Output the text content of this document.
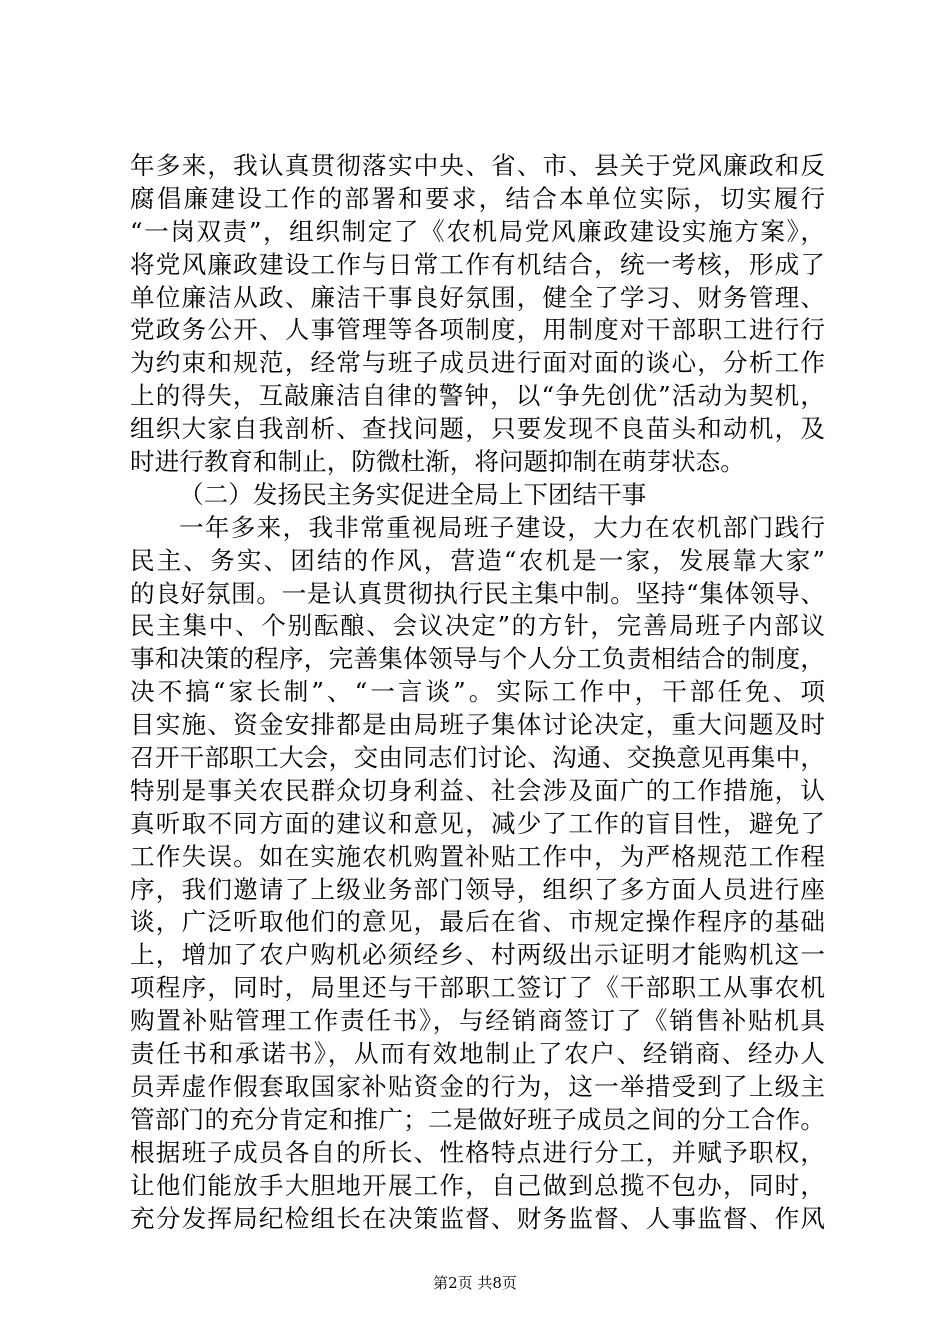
年多来，我认真贯彻落实中央、省、市、县关于党风廉政和反
腐倡廉建设工作的部署和要求，结合本单位实际，切实履行
“一岗双责”，组织制定了《农机局党风廉政建设实施方案》，
将党风廉政建设工作与日常工作有机结合，统一考核，形成了
单位廉洁从政、廉洁干事良好氛围，健全了学习、财务管理、
党政务公开、人事管理等各项制度，用制度对干部职工进行行
为约束和规范，经常与班子成员进行面对面的谈心，分析工作
上的得失，互敲廉洁自律的警钟，以“争先创优”活动为契机，
组织大家自我剖析、查找问题，只要发现不良苗头和动机，及
时进行教育和制止，防微杜渐，将问题抑制在萌芽状态。
（二）发扬民主务实促进全局上下团结干事
一年多来，我非常重视局班子建设，大力在农机部门践行
民主、务实、团结的作风，营造“农机是一家，发展靠大家”
的良好氛围。一是认真贯彻执行民主集中制。坚持“集体领导、
民主集中、个别酝酿、会议决定”的方针，完善局班子内部议
事和决策的程序，完善集体领导与个人分工负责相结合的制度，
决不搞“家长制”、“一言谈”。实际工作中，干部任免、项
目实施、资金安排都是由局班子集体讨论决定，重大问题及时
召开干部职工大会，交由同志们讨论、沟通、交换意见再集中，
特别是事关农民群众切身利益、社会涉及面广的工作措施，认
真听取不同方面的建议和意见，减少了工作的盲目性，避免了
工作失误。如在实施农机购置补贴工作中，为严格规范工作程
序，我们邀请了上级业务部门领导，组织了多方面人员进行座
谈，广泛听取他们的意见，最后在省、市规定操作程序的基础
上，增加了农户购机必须经乡、村两级出示证明才能购机这一
项程序，同时，局里还与干部职工签订了《干部职工从事农机
购置补贴管理工作责任书》，与经销商签订了《销售补贴机具
责任书和承诺书》，从而有效地制止了农户、经销商、经办人
员弄虚作假套取国家补贴资金的行为，这一举措受到了上级主
管部门的充分肯定和推广；二是做好班子成员之间的分工合作。
根据班子成员各自的所长、性格特点进行分工，并赋予职权，
让他们能放手大胆地开展工作，自己做到总揽不包办，同时，
充分发挥局纪检组长在决策监督、财务监督、人事监督、作风
第2页 共8页
